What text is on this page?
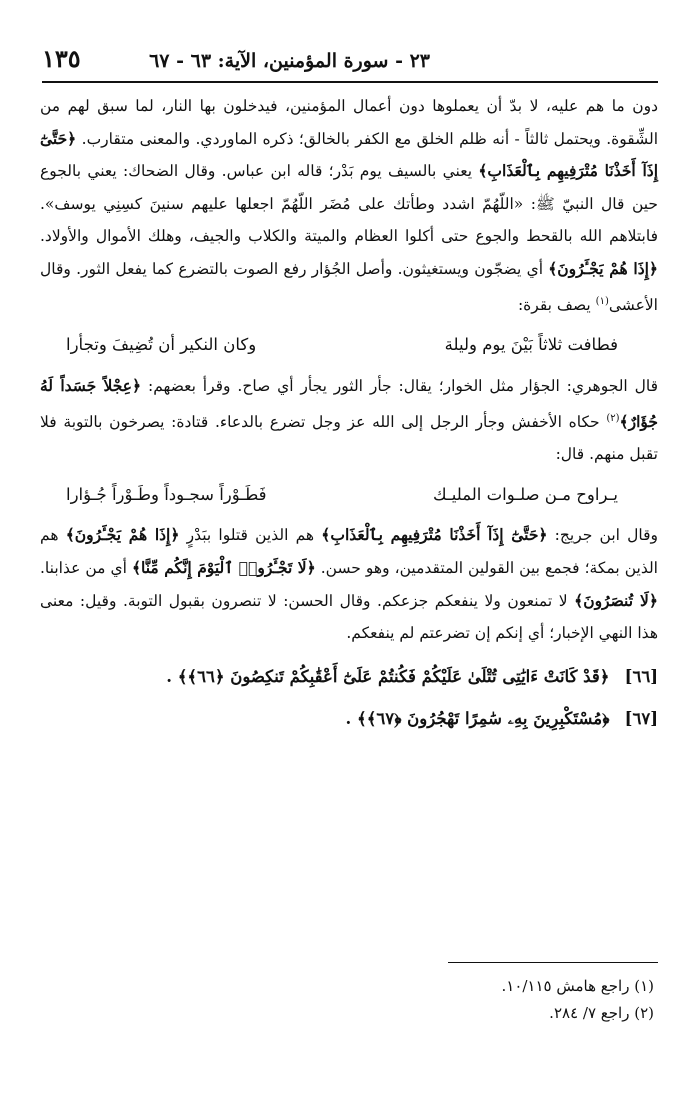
٢٣ - سورة المؤمنين، الآية: ٦٣ - ٦٧
١٣٥

دون ما هم عليه، لا بدّ أن يعملوها دون أعمال المؤمنين، فيدخلون بها النار، لما سبق لهم من الشِّقوة. ويحتمل ثالثاً - أنه ظلم الخلق مع الكفر بالخالق؛ ذكره الماوردي. والمعنى متقارب. ﴿حَتَّىٰٓ إِذَآ أَخَذْنَا مُتْرَفِيهِم بِٱلْعَذَابِ﴾ يعني بالسيف يوم بَدْر؛ قاله ابن عباس. وقال الضحاك: يعني بالجوع حين قال النبيّ ﷺ: «اللّهُمّ اشدد وطأتك على مُضَر اللّهُمّ اجعلها عليهم سنينَ كسِنِي يوسف». فابتلاهم الله بالقحط والجوع حتى أكلوا العظام والميتة والكلاب والجيف، وهلك الأموال والأولاد. ﴿إِذَا هُمْ يَجْـَٔرُونَ﴾ أي يضجّون ويستغيثون. وأصل الجُؤار رفع الصوت بالتضرع كما يفعل الثور. وقال الأعشى$^{(١)}$ يصف بقرة:

فطافت ثلاثاً بَيْنَ يوم وليلة
وكان النكير أن تُضِيفَ وتجأرا

قال الجوهري: الجؤار مثل الخوار؛ يقال: جأر الثور يجأر أي صاح. وقرأ بعضهم: ﴿عِجْلاً جَسَداً لَهُ جُؤَارٌ﴾$^{(٢)}$ حكاه الأخفش وجأر الرجل إلى الله عز وجل تضرع بالدعاء. قتادة: يصرخون بالتوبة فلا تقبل منهم. قال:

يـراوح مـن صلـوات المليـك
فَطَـوْراً سجـوداً وطَـوْراً جُـؤارا

وقال ابن جريج: ﴿حَتَّىٰٓ إِذَآ أَخَذْنَا مُتْرَفِيهِم بِٱلْعَذَابِ﴾ هم الذين قتلوا ببَدْرٍ ﴿إِذَا هُمْ يَجْـَٔرُونَ﴾ هم الذين بمكة؛ فجمع بين القولين المتقدمين، وهو حسن. ﴿لَا تَجْـَٔرُوا۟ ٱلْيَوْمَ إِنَّكُم مِّنَّا﴾ أي من عذابنا. ﴿لَا تُنصَرُونَ﴾ لا تمنعون ولا ينفعكم جزعكم. وقال الحسن: لا تنصرون بقبول التوبة. وقيل: معنى هذا النهي الإخبار؛ أي إنكم إن تضرعتم لم ينفعكم.

[٦٦] ﴿قَدْ كَانَتْ ءَايَٰتِى تُتْلَىٰ عَلَيْكُمْ فَكُنتُمْ عَلَىٰٓ أَعْقَٰبِكُمْ تَنكِصُونَ ﴿٦٦﴾﴾ .

[٦٧] ﴿مُسْتَكْبِرِينَ بِهِۦ سَٰمِرًا تَهْجُرُونَ ﴿٦٧﴾﴾ .

(١) راجع هامش ١٠/١١٥.

(٢) راجع ٧/ ٢٨٤.
